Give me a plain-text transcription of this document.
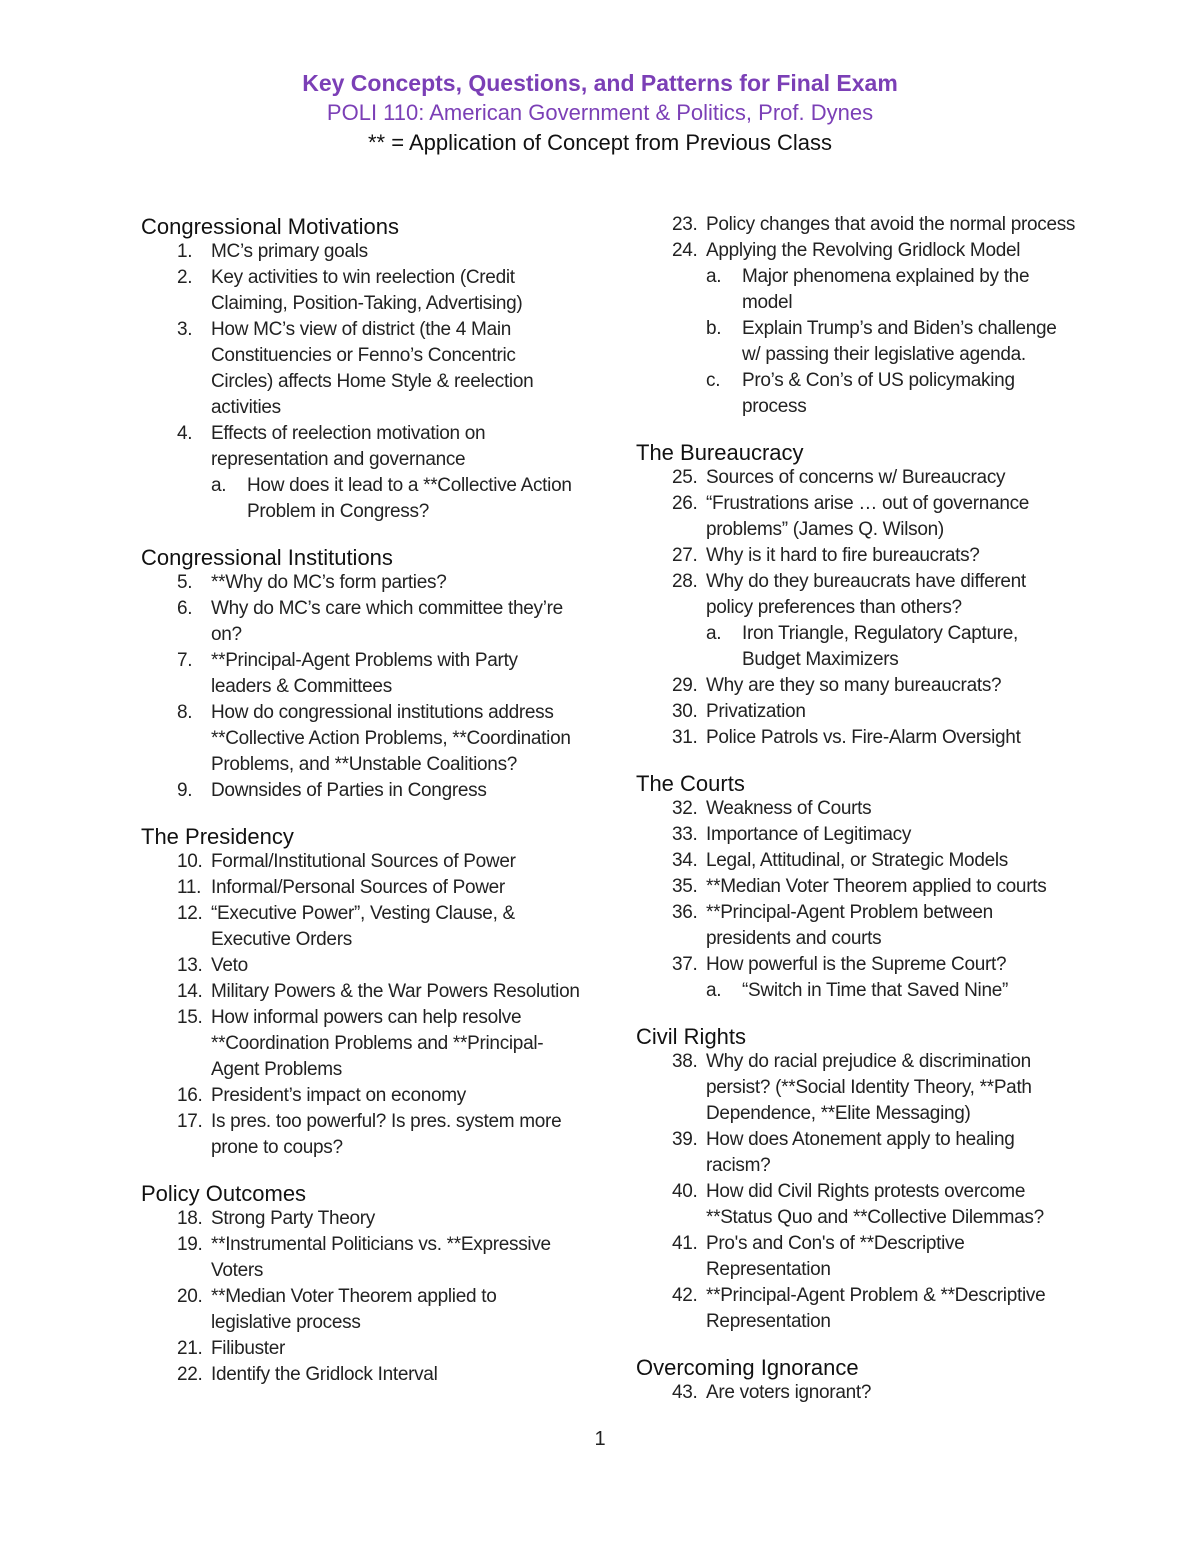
Key Concepts, Questions, and Patterns for Final Exam
POLI 110: American Government & Politics, Prof. Dynes
** = Application of Concept from Previous Class
Congressional Motivations
1. MC’s primary goals
2. Key activities to win reelection (Credit Claiming, Position-Taking, Advertising)
3. How MC’s view of district (the 4 Main Constituencies or Fenno’s Concentric Circles) affects Home Style & reelection activities
4. Effects of reelection motivation on representation and governance
a.	How does it lead to a **Collective Action Problem in Congress?
Congressional Institutions
5. **Why do MC’s form parties?
6. Why do MC’s care which committee they’re on?
7. **Principal-Agent Problems with Party leaders & Committees
8. How do congressional institutions address **Collective Action Problems, **Coordination Problems, and **Unstable Coalitions?
9. Downsides of Parties in Congress
The Presidency
10. Formal/Institutional Sources of Power
11. Informal/Personal Sources of Power
12. “Executive Power”, Vesting Clause, & Executive Orders
13. Veto
14. Military Powers & the War Powers Resolution
15. How informal powers can help resolve **Coordination Problems and **Principal-Agent Problems
16. President’s impact on economy
17. Is pres. too powerful? Is pres. system more prone to coups?
Policy Outcomes
18. Strong Party Theory
19. **Instrumental Politicians vs. **Expressive Voters
20. **Median Voter Theorem applied to legislative process
21. Filibuster
22. Identify the Gridlock Interval
23. Policy changes that avoid the normal process
24. Applying the Revolving Gridlock Model
a.	Major phenomena explained by the model
b.	Explain Trump’s and Biden’s challenge w/ passing their legislative agenda.
c.	Pro’s & Con’s of US policymaking process
The Bureaucracy
25. Sources of concerns w/ Bureaucracy
26. “Frustrations arise … out of governance problems” (James Q. Wilson)
27. Why is it hard to fire bureaucrats?
28. Why do they bureaucrats have different policy preferences than others?
a.	Iron Triangle, Regulatory Capture, Budget Maximizers
29. Why are they so many bureaucrats?
30. Privatization
31. Police Patrols vs. Fire-Alarm Oversight
The Courts
32. Weakness of Courts
33. Importance of Legitimacy
34. Legal, Attitudinal, or Strategic Models
35. **Median Voter Theorem applied to courts
36. **Principal-Agent Problem between presidents and courts
37. How powerful is the Supreme Court?
a.	“Switch in Time that Saved Nine”
Civil Rights
38. Why do racial prejudice & discrimination persist? (**Social Identity Theory, **Path Dependence, **Elite Messaging)
39. How does Atonement apply to healing racism?
40. How did Civil Rights protests overcome **Status Quo and **Collective Dilemmas?
41. Pro's and Con's of **Descriptive Representation
42. **Principal-Agent Problem & **Descriptive Representation
Overcoming Ignorance
43. Are voters ignorant?
1
